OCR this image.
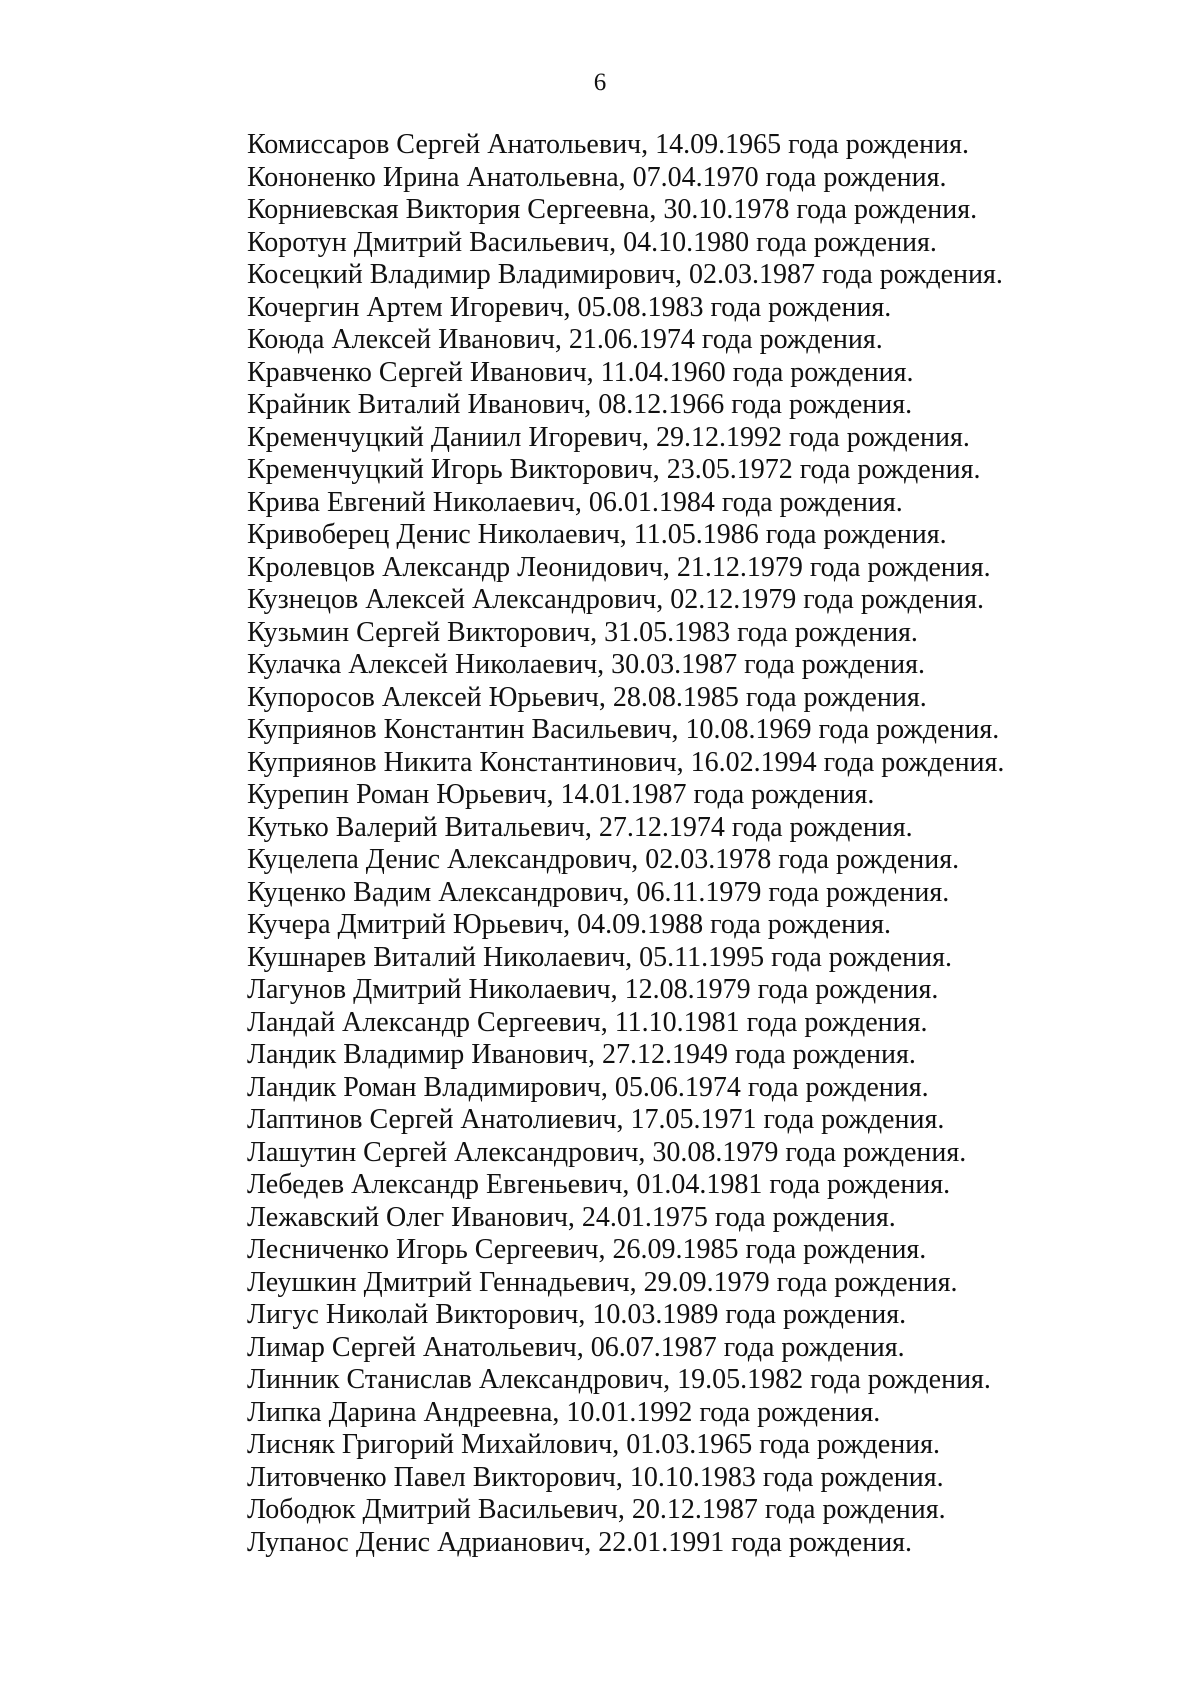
6
Комиссаров Сергей Анатольевич, 14.09.1965 года рождения.
Кононенко Ирина Анатольевна, 07.04.1970 года рождения.
Корниевская Виктория Сергеевна, 30.10.1978 года рождения.
Коротун Дмитрий Васильевич, 04.10.1980 года рождения.
Косецкий Владимир Владимирович, 02.03.1987 года рождения.
Кочергин Артем Игоревич, 05.08.1983 года рождения.
Коюда Алексей Иванович, 21.06.1974 года рождения.
Кравченко Сергей Иванович, 11.04.1960 года рождения.
Крайник Виталий Иванович, 08.12.1966 года рождения.
Кременчуцкий Даниил Игоревич, 29.12.1992 года рождения.
Кременчуцкий Игорь Викторович, 23.05.1972 года рождения.
Крива Евгений Николаевич, 06.01.1984 года рождения.
Кривоберец Денис Николаевич, 11.05.1986 года рождения.
Кролевцов Александр Леонидович, 21.12.1979 года рождения.
Кузнецов Алексей Александрович, 02.12.1979 года рождения.
Кузьмин Сергей Викторович, 31.05.1983 года рождения.
Кулачка Алексей Николаевич, 30.03.1987 года рождения.
Купоросов Алексей Юрьевич, 28.08.1985 года рождения.
Куприянов Константин Васильевич, 10.08.1969 года рождения.
Куприянов Никита Константинович, 16.02.1994 года рождения.
Курепин Роман Юрьевич, 14.01.1987 года рождения.
Кутько Валерий Витальевич, 27.12.1974 года рождения.
Куцелепа Денис Александрович, 02.03.1978 года рождения.
Куценко Вадим Александрович, 06.11.1979 года рождения.
Кучера Дмитрий Юрьевич, 04.09.1988 года рождения.
Кушнарев Виталий Николаевич, 05.11.1995 года рождения.
Лагунов Дмитрий Николаевич, 12.08.1979 года рождения.
Ландай Александр Сергеевич, 11.10.1981 года рождения.
Ландик Владимир Иванович, 27.12.1949 года рождения.
Ландик Роман Владимирович, 05.06.1974 года рождения.
Лаптинов Сергей Анатолиевич, 17.05.1971 года рождения.
Лашутин Сергей Александрович, 30.08.1979 года рождения.
Лебедев Александр Евгеньевич, 01.04.1981 года рождения.
Лежавский Олег Иванович, 24.01.1975 года рождения.
Лесниченко Игорь Сергеевич, 26.09.1985 года рождения.
Леушкин Дмитрий Геннадьевич, 29.09.1979 года рождения.
Лигус Николай Викторович, 10.03.1989 года рождения.
Лимар Сергей Анатольевич, 06.07.1987 года рождения.
Линник Станислав Александрович, 19.05.1982 года рождения.
Липка Дарина Андреевна, 10.01.1992 года рождения.
Лисняк Григорий Михайлович, 01.03.1965 года рождения.
Литовченко Павел Викторович, 10.10.1983 года рождения.
Лободюк Дмитрий Васильевич, 20.12.1987 года рождения.
Лупанос Денис Адрианович, 22.01.1991 года рождения.
